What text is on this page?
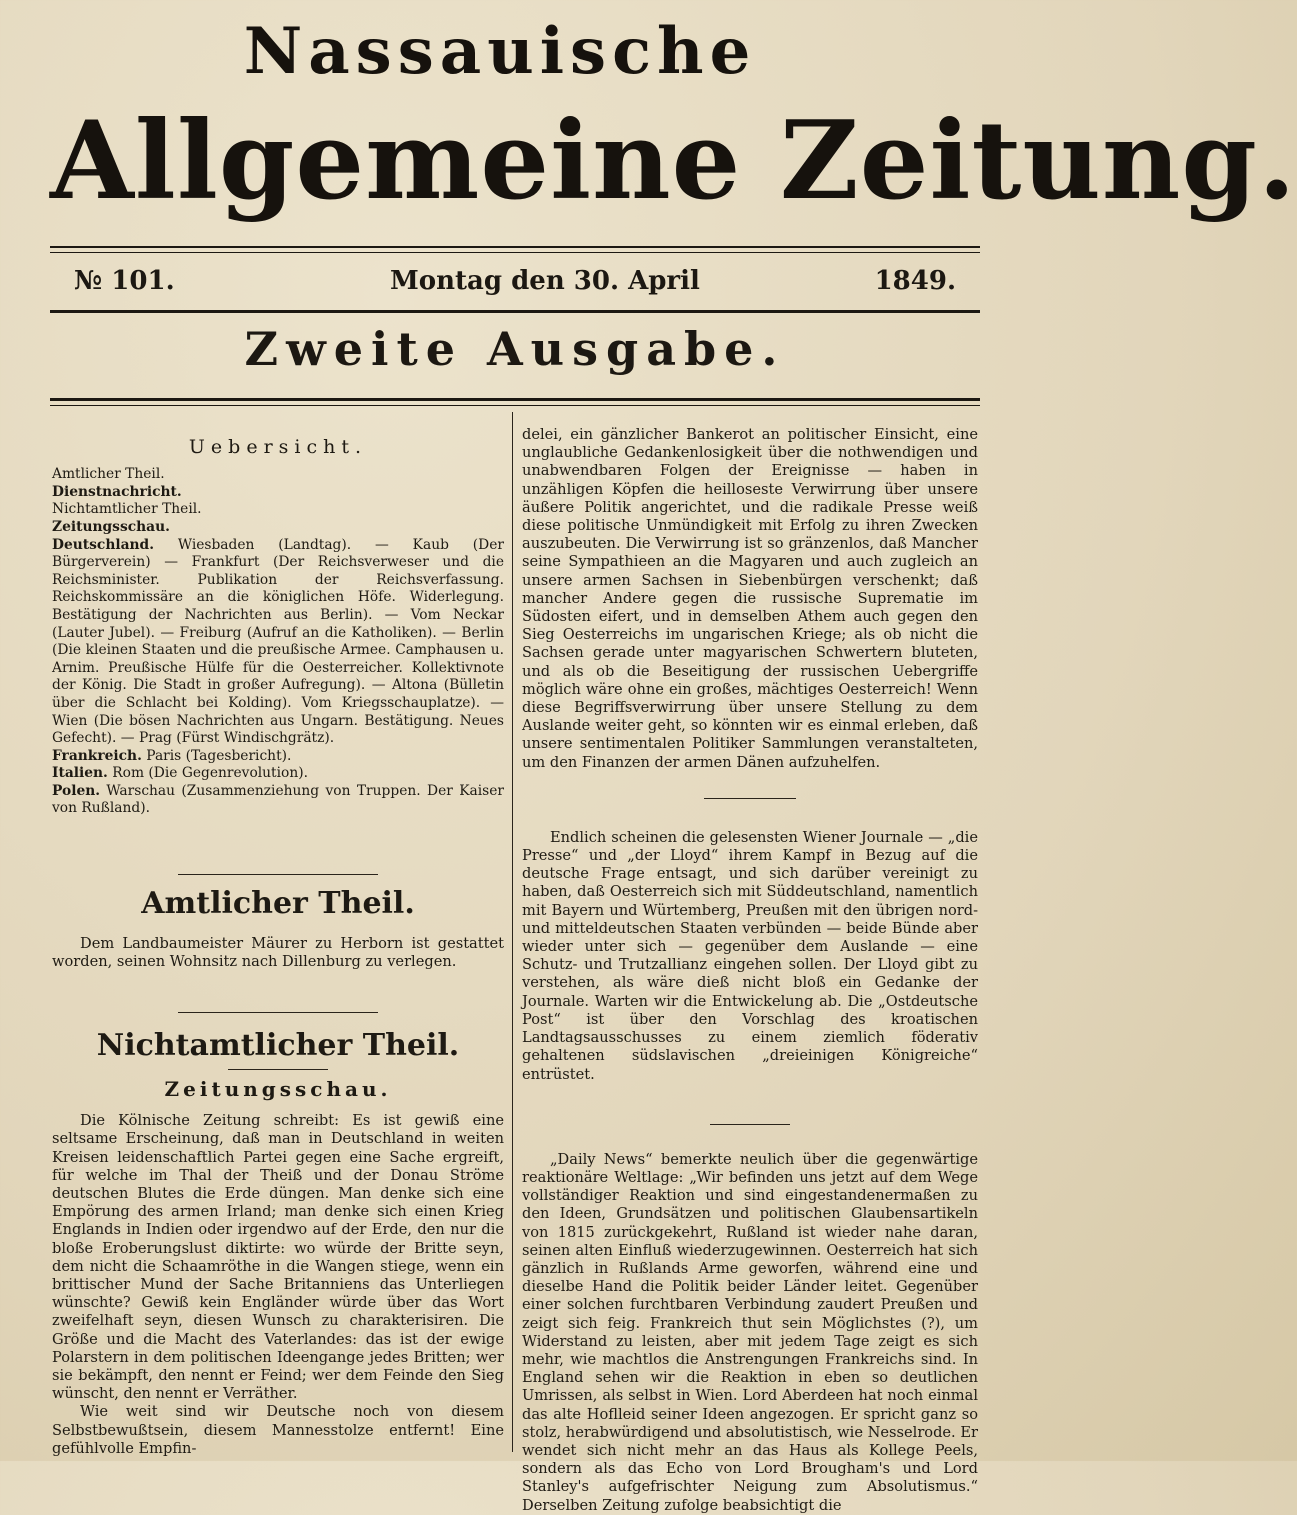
Nassauische
Allgemeine Zeitung.
№ 101.	Montag den 30. April	1849.
Zweite Ausgabe.
Uebersicht.

Amtlicher Theil.

Dienstnachricht.

Nichtamtlicher Theil.

Zeitungsschau.

Deutschland. Wiesbaden (Landtag). — Kaub (Der Bürgerverein) — Frankfurt (Der Reichsverweser und die Reichsminister. Publikation der Reichsverfassung. Reichskommissäre an die königlichen Höfe. Widerlegung. Bestätigung der Nachrichten aus Berlin). — Vom Neckar (Lauter Jubel). — Freiburg (Aufruf an die Katholiken). — Berlin (Die kleinen Staaten und die preußische Armee. Camphausen u. Arnim. Preußische Hülfe für die Oesterreicher. Kollektivnote der König. Die Stadt in großer Aufregung). — Altona (Bülletin über die Schlacht bei Kolding). Vom Kriegsschauplatze). — Wien (Die bösen Nachrichten aus Ungarn. Bestätigung. Neues Gefecht). — Prag (Fürst Windischgrätz).

Frankreich. Paris (Tagesbericht).

Italien. Rom (Die Gegenrevolution).

Polen. Warschau (Zusammenziehung von Truppen. Der Kaiser von Rußland).

Amtlicher Theil.

Dem Landbaumeister Mäurer zu Herborn ist gestattet worden, seinen Wohnsitz nach Dillenburg zu verlegen.

Nichtamtlicher Theil.
Zeitungsschau.

Die Kölnische Zeitung schreibt: Es ist gewiß eine seltsame Erscheinung, daß man in Deutschland in weiten Kreisen leidenschaftlich Partei gegen eine Sache ergreift, für welche im Thal der Theiß und der Donau Ströme deutschen Blutes die Erde düngen. Man denke sich eine Empörung des armen Irland; man denke sich einen Krieg Englands in Indien oder irgendwo auf der Erde, den nur die bloße Eroberungslust diktirte: wo würde der Britte seyn, dem nicht die Schaamröthe in die Wangen stiege, wenn ein brittischer Mund der Sache Britanniens das Unterliegen wünschte? Gewiß kein Engländer würde über das Wort zweifelhaft seyn, diesen Wunsch zu charakterisiren. Die Größe und die Macht des Vaterlandes: das ist der ewige Polarstern in dem politischen Ideengange jedes Britten; wer sie bekämpft, den nennt er Feind; wer dem Feinde den Sieg wünscht, den nennt er Verräther.

Wie weit sind wir Deutsche noch von diesem Selbstbewußtsein, diesem Mannesstolze entfernt! Eine gefühlvolle Empfin-

delei, ein gänzlicher Bankerot an politischer Einsicht, eine unglaubliche Gedankenlosigkeit über die nothwendigen und unabwendbaren Folgen der Ereignisse — haben in unzähligen Köpfen die heilloseste Verwirrung über unsere äußere Politik angerichtet, und die radikale Presse weiß diese politische Unmündigkeit mit Erfolg zu ihren Zwecken auszubeuten. Die Verwirrung ist so gränzenlos, daß Mancher seine Sympathieen an die Magyaren und auch zugleich an unsere armen Sachsen in Siebenbürgen verschenkt; daß mancher Andere gegen die russische Suprematie im Südosten eifert, und in demselben Athem auch gegen den Sieg Oesterreichs im ungarischen Kriege; als ob nicht die Sachsen gerade unter magyarischen Schwertern bluteten, und als ob die Beseitigung der russischen Uebergriffe möglich wäre ohne ein großes, mächtiges Oesterreich! Wenn diese Begriffsverwirrung über unsere Stellung zu dem Auslande weiter geht, so könnten wir es einmal erleben, daß unsere sentimentalen Politiker Sammlungen veranstalteten, um den Finanzen der armen Dänen aufzuhelfen.

Endlich scheinen die gelesensten Wiener Journale — „die Presse“ und „der Lloyd“ ihrem Kampf in Bezug auf die deutsche Frage entsagt, und sich darüber vereinigt zu haben, daß Oesterreich sich mit Süddeutschland, namentlich mit Bayern und Würtemberg, Preußen mit den übrigen nord- und mitteldeutschen Staaten verbünden — beide Bünde aber wieder unter sich — gegenüber dem Auslande — eine Schutz- und Trutzallianz eingehen sollen. Der Lloyd gibt zu verstehen, als wäre dieß nicht bloß ein Gedanke der Journale. Warten wir die Entwickelung ab. Die „Ostdeutsche Post“ ist über den Vorschlag des kroatischen Landtagsausschusses zu einem ziemlich föderativ gehaltenen südslavischen „dreieinigen Königreiche“ entrüstet.

„Daily News“ bemerkte neulich über die gegenwärtige reaktionäre Weltlage: „Wir befinden uns jetzt auf dem Wege vollständiger Reaktion und sind eingestandenermaßen zu den Ideen, Grundsätzen und politischen Glaubensartikeln von 1815 zurückgekehrt, Rußland ist wieder nahe daran, seinen alten Einfluß wiederzugewinnen. Oesterreich hat sich gänzlich in Rußlands Arme geworfen, während eine und dieselbe Hand die Politik beider Länder leitet. Gegenüber einer solchen furchtbaren Verbindung zaudert Preußen und zeigt sich feig. Frankreich thut sein Möglichstes (?), um Widerstand zu leisten, aber mit jedem Tage zeigt es sich mehr, wie machtlos die Anstrengungen Frankreichs sind. In England sehen wir die Reaktion in eben so deutlichen Umrissen, als selbst in Wien. Lord Aberdeen hat noch einmal das alte Hoflleid seiner Ideen angezogen. Er spricht ganz so stolz, herabwürdigend und absolutistisch, wie Nesselrode. Er wendet sich nicht mehr an das Haus als Kollege Peels, sondern als das Echo von Lord Brougham's und Lord Stanley's aufgefrischter Neigung zum Absolutismus.“ Derselben Zeitung zufolge beabsichtigt die
